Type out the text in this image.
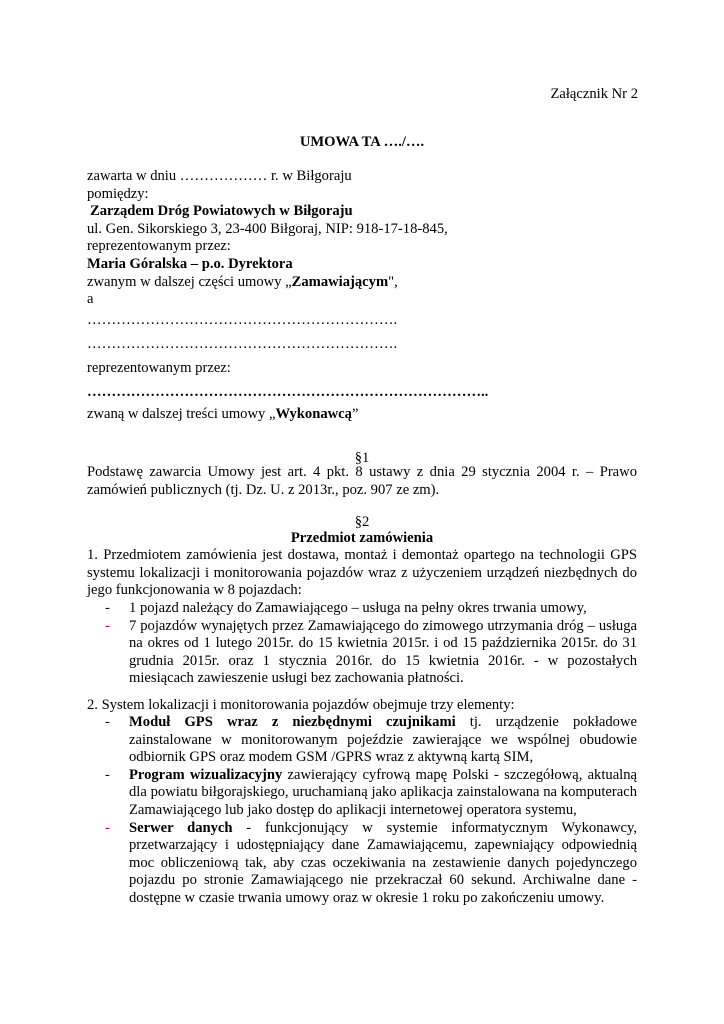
Załącznik Nr 2
UMOWA TA …./….
zawarta w dniu ……………… r. w Biłgoraju
pomiędzy:
Zarządem Dróg Powiatowych w Biłgoraju
ul. Gen. Sikorskiego 3, 23-400 Biłgoraj, NIP: 918-17-18-845,
reprezentowanym przez:
Maria Góralska – p.o. Dyrektora
zwanym w dalszej części umowy „Zamawiającym",
a
……………………………………………………….
……………………………………………………….
reprezentowanym przez:
………………………………………………………………………..
zwaną w dalszej treści umowy „Wykonawcą”
§1
Podstawę zawarcia Umowy jest art. 4 pkt. 8 ustawy z dnia 29 stycznia 2004 r. – Prawo zamówień publicznych (tj. Dz. U. z 2013r., poz. 907 ze zm).
§2
Przedmiot zamówienia
1. Przedmiotem zamówienia jest dostawa, montaż i demontaż opartego na technologii GPS systemu lokalizacji i monitorowania pojazdów wraz z użyczeniem urządzeń niezbędnych do jego funkcjonowania w 8 pojazdach:
- 1 pojazd należący do Zamawiającego – usługa na pełny okres trwania umowy,
- 7 pojazdów wynajętych przez Zamawiającego do zimowego utrzymania dróg – usługa na okres od 1 lutego 2015r. do 15 kwietnia 2015r. i od 15 października 2015r. do 31 grudnia 2015r. oraz 1 stycznia 2016r. do 15 kwietnia 2016r. - w pozostałych miesiącach zawieszenie usługi bez zachowania płatności.
2. System lokalizacji i monitorowania pojazdów obejmuje trzy elementy:
- Moduł GPS wraz z niezbędnymi czujnikami tj. urządzenie pokładowe zainstalowane w monitorowanym pojeździe zawierające we wspólnej obudowie odbiornik GPS oraz modem GSM /GPRS wraz z aktywną kartą SIM,
- Program wizualizacyjny zawierający cyfrową mapę Polski - szczegółową, aktualną dla powiatu biłgorajskiego, uruchamianą jako aplikacja zainstalowana na komputerach Zamawiającego lub jako dostęp do aplikacji internetowej operatora systemu,
- Serwer danych - funkcjonujący w systemie informatycznym Wykonawcy, przetwarzający i udostępniający dane Zamawiającemu, zapewniający odpowiednią moc obliczeniową tak, aby czas oczekiwania na zestawienie danych pojedynczego pojazdu po stronie Zamawiającego nie przekraczał 60 sekund. Archiwalne dane - dostępne w czasie trwania umowy oraz w okresie 1 roku po zakończeniu umowy.
